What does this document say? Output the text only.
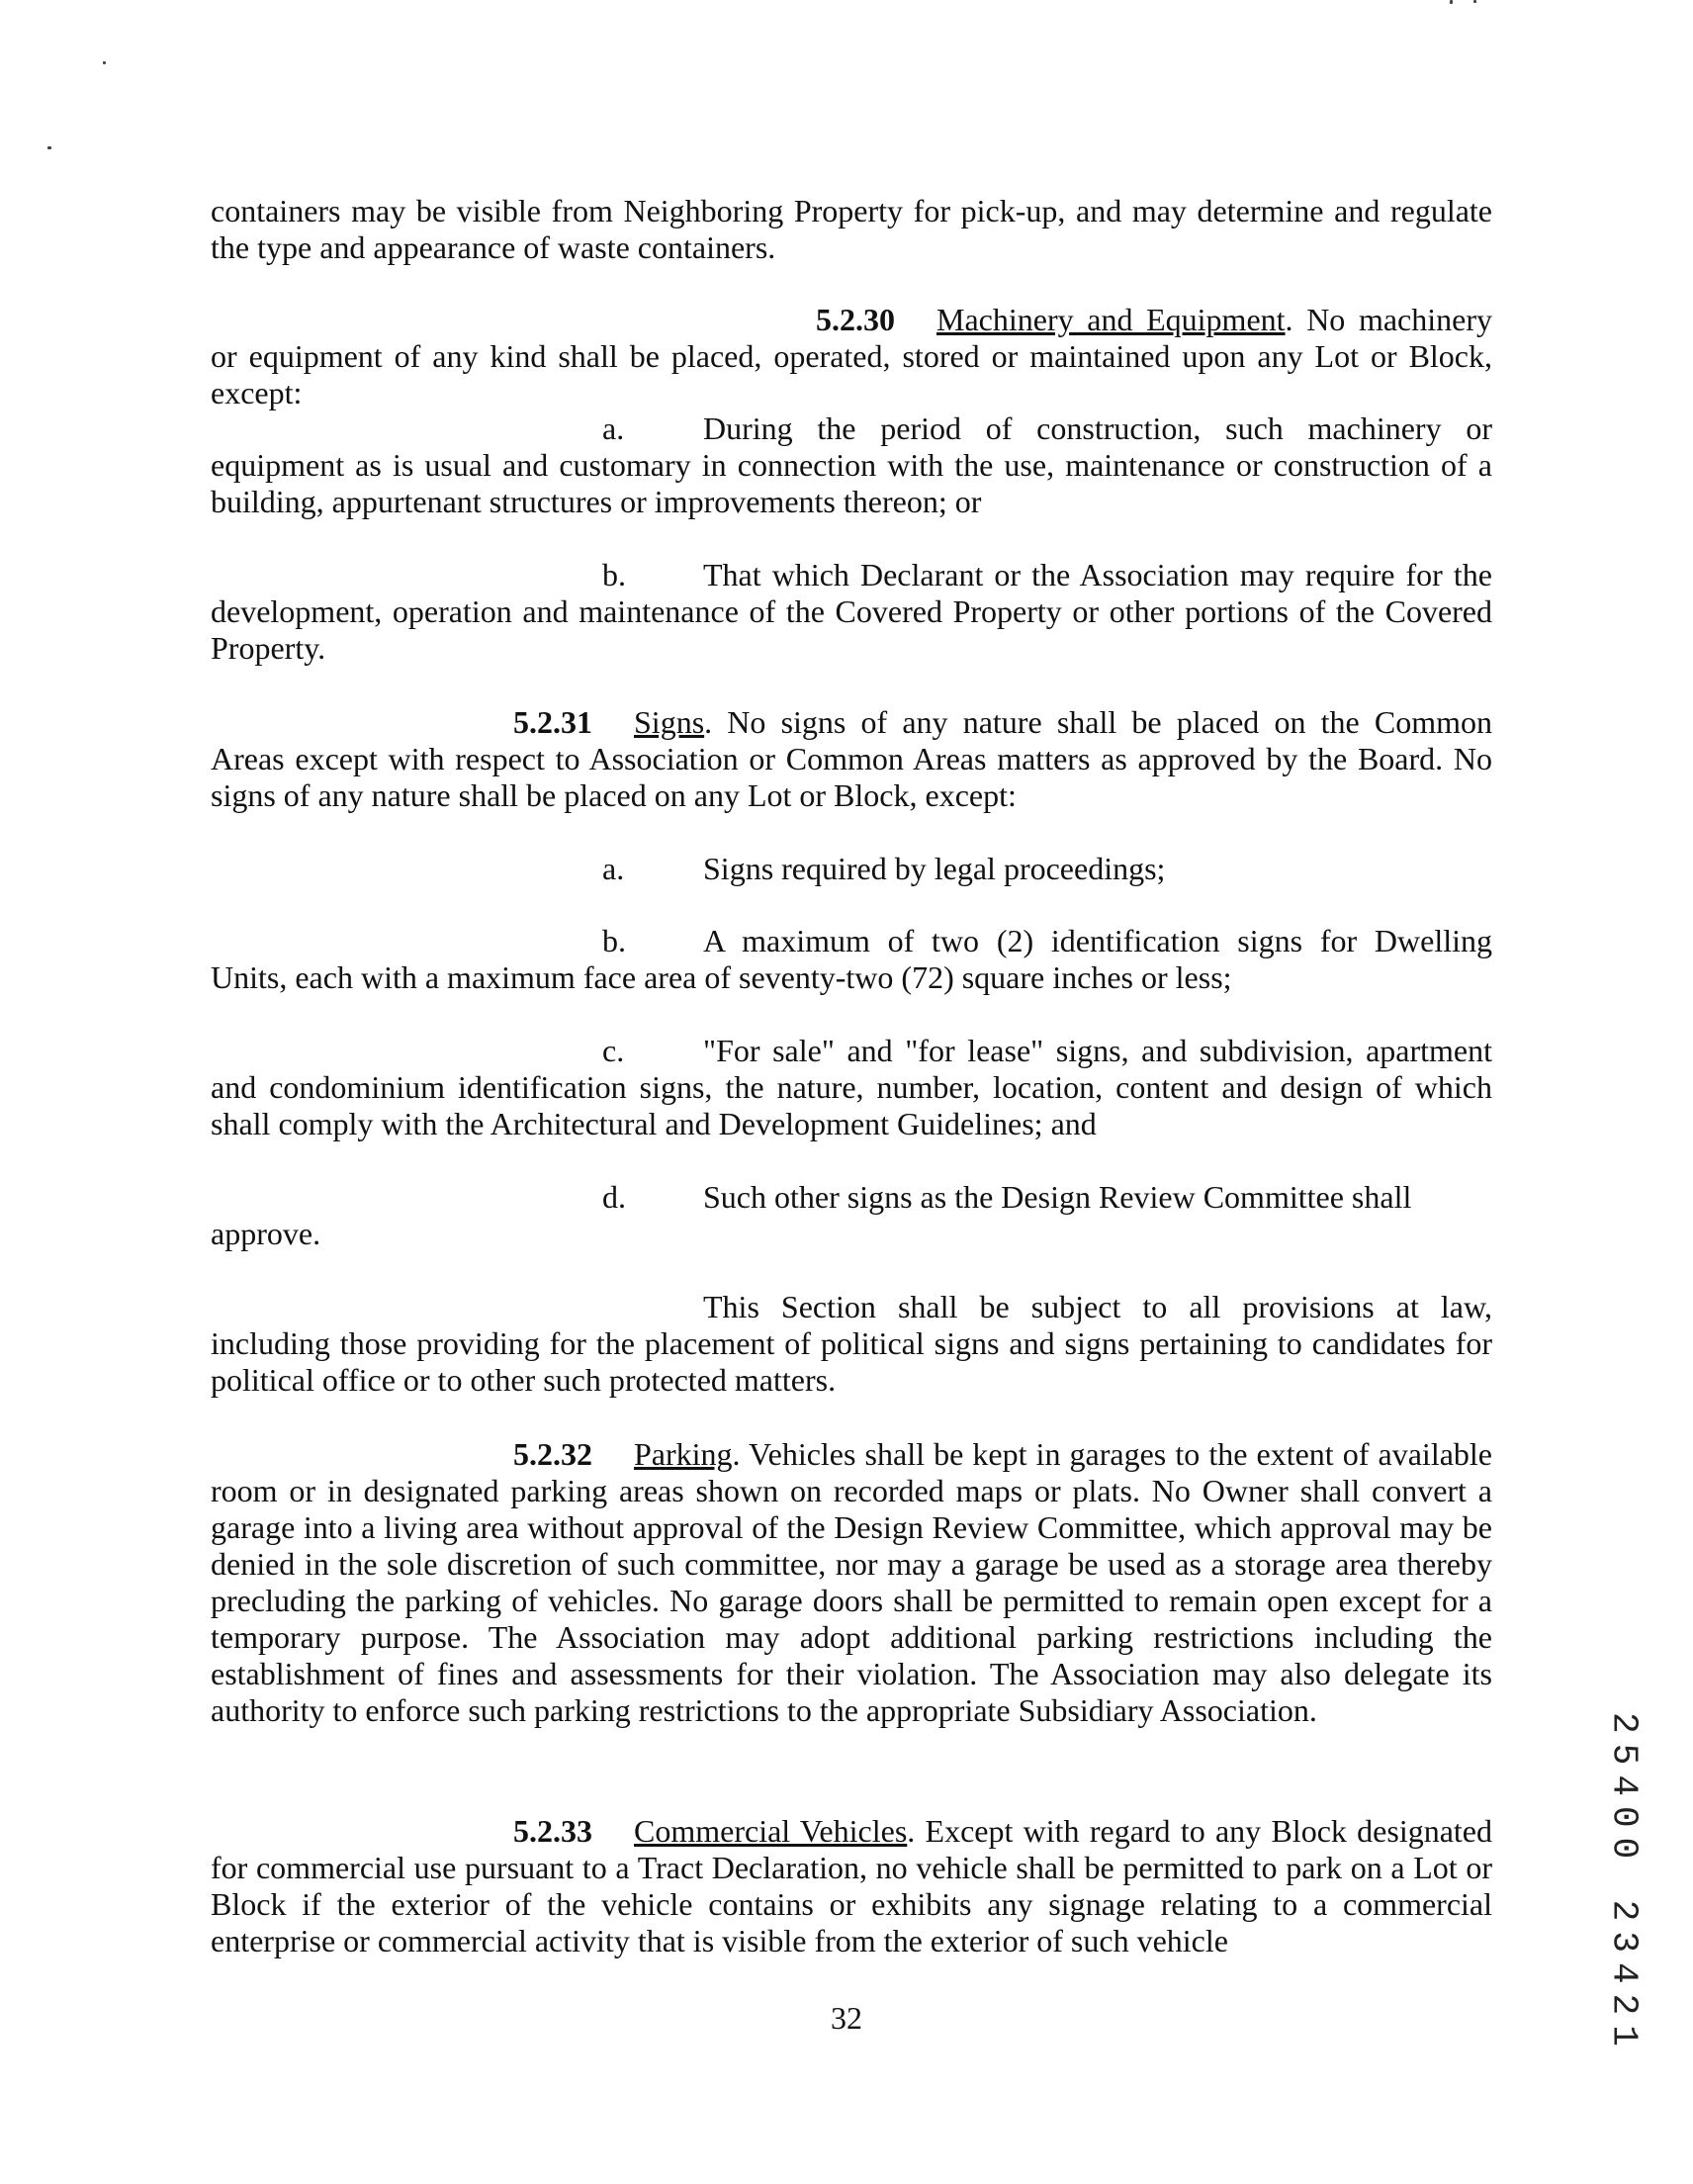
containers may be visible from Neighboring Property for pick-up, and may determine and regulate the type and appearance of waste containers.
5.2.30 Machinery and Equipment. No machinery or equipment of any kind shall be placed, operated, stored or maintained upon any Lot or Block, except:
a. During the period of construction, such machinery or equipment as is usual and customary in connection with the use, maintenance or construction of a building, appurtenant structures or improvements thereon; or
b. That which Declarant or the Association may require for the development, operation and maintenance of the Covered Property or other portions of the Covered Property.
5.2.31 Signs. No signs of any nature shall be placed on the Common Areas except with respect to Association or Common Areas matters as approved by the Board. No signs of any nature shall be placed on any Lot or Block, except:
a. Signs required by legal proceedings;
b. A maximum of two (2) identification signs for Dwelling Units, each with a maximum face area of seventy-two (72) square inches or less;
c. "For sale" and "for lease" signs, and subdivision, apartment and condominium identification signs, the nature, number, location, content and design of which shall comply with the Architectural and Development Guidelines; and
d. Such other signs as the Design Review Committee shall
approve.
This Section shall be subject to all provisions at law, including those providing for the placement of political signs and signs pertaining to candidates for political office or to other such protected matters.
5.2.32 Parking. Vehicles shall be kept in garages to the extent of available room or in designated parking areas shown on recorded maps or plats. No Owner shall convert a garage into a living area without approval of the Design Review Committee, which approval may be denied in the sole discretion of such committee, nor may a garage be used as a storage area thereby precluding the parking of vehicles. No garage doors shall be permitted to remain open except for a temporary purpose. The Association may adopt additional parking restrictions including the establishment of fines and assessments for their violation. The Association may also delegate its authority to enforce such parking restrictions to the appropriate Subsidiary Association.
5.2.33 Commercial Vehicles. Except with regard to any Block designated for commercial use pursuant to a Tract Declaration, no vehicle shall be permitted to park on a Lot or Block if the exterior of the vehicle contains or exhibits any signage relating to a commercial enterprise or commercial activity that is visible from the exterior of such vehicle
32	25400 23421
